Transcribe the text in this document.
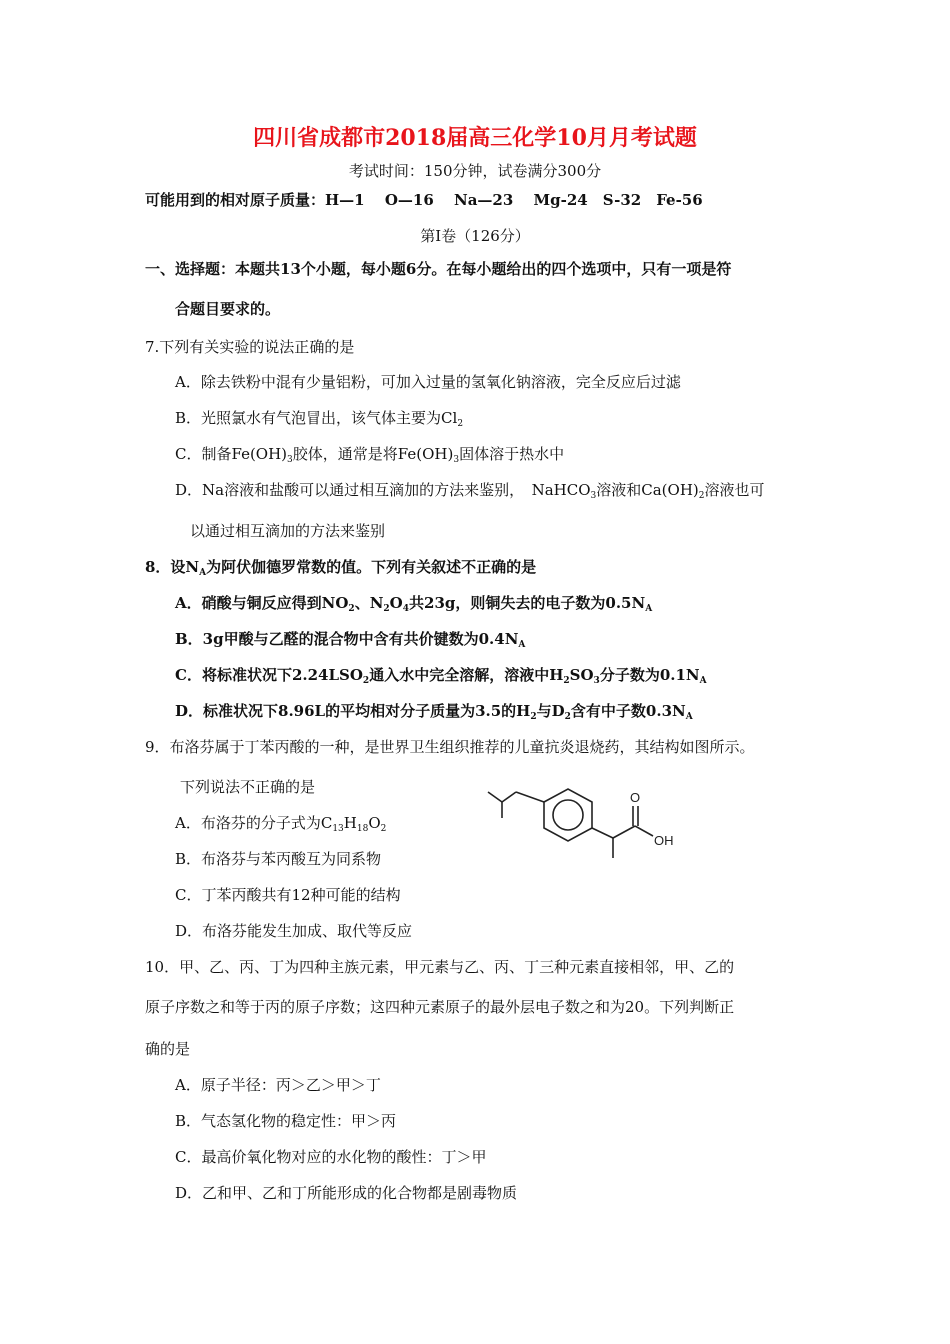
四川省成都市2018届高三化学10月月考试题
考试时间：150分钟，试卷满分300分
可能用到的相对原子质量：H—1　 O—16　 Na—23　 Mg-24　S-32　Fe-56
第Ⅰ卷（126分）
一、选择题：本题共13个小题，每小题6分。在每小题给出的四个选项中，只有一项是符
合题目要求的。
7.下列有关实验的说法正确的是
A．除去铁粉中混有少量铝粉，可加入过量的氢氧化钠溶液，完全反应后过滤
B．光照氯水有气泡冒出，该气体主要为$Cl_2$
C．制备$Fe(OH)_3$胶体，通常是将$Fe(OH)_3$固体溶于热水中
D．Na溶液和盐酸可以通过相互滴加的方法来鉴别，　NaHCO$_3$溶液和$Ca(OH)_2$溶液也可
以通过相互滴加的方法来鉴别
8．设$N_A$为阿伏伽德罗常数的值。下列有关叙述不正确的是
A．硝酸与铜反应得到$NO_2$、$N_2O_4$共23g，则铜失去的电子数为$0.5N_A$
B．3g甲酸与乙醛的混合物中含有共价键数为$0.4N_A$
C．将标准状况下$2.24LSO_2$通入水中完全溶解，溶液中$H_2SO_3$分子数为$0.1N_A$
D．标准状况下8.96L的平均相对分子质量为3.5的$H_2$与$D_2$含有中子数$0.3N_A$
9．布洛芬属于丁苯丙酸的一种，是世界卫生组织推荐的儿童抗炎退烧药，其结构如图所示。
下列说法不正确的是
A．布洛芬的分子式为$C_{13}H_{18}O_2$
B．布洛芬与苯丙酸互为同系物
C．丁苯丙酸共有12种可能的结构
D．布洛芬能发生加成、取代等反应
O
OH
10．甲、乙、丙、丁为四种主族元素，甲元素与乙、丙、丁三种元素直接相邻，甲、乙的
原子序数之和等于丙的原子序数；这四种元素原子的最外层电子数之和为20。下列判断正
确的是
A．原子半径：丙＞乙＞甲＞丁
B．气态氢化物的稳定性：甲＞丙
C．最高价氧化物对应的水化物的酸性：丁＞甲
D．乙和甲、乙和丁所能形成的化合物都是剧毒物质
